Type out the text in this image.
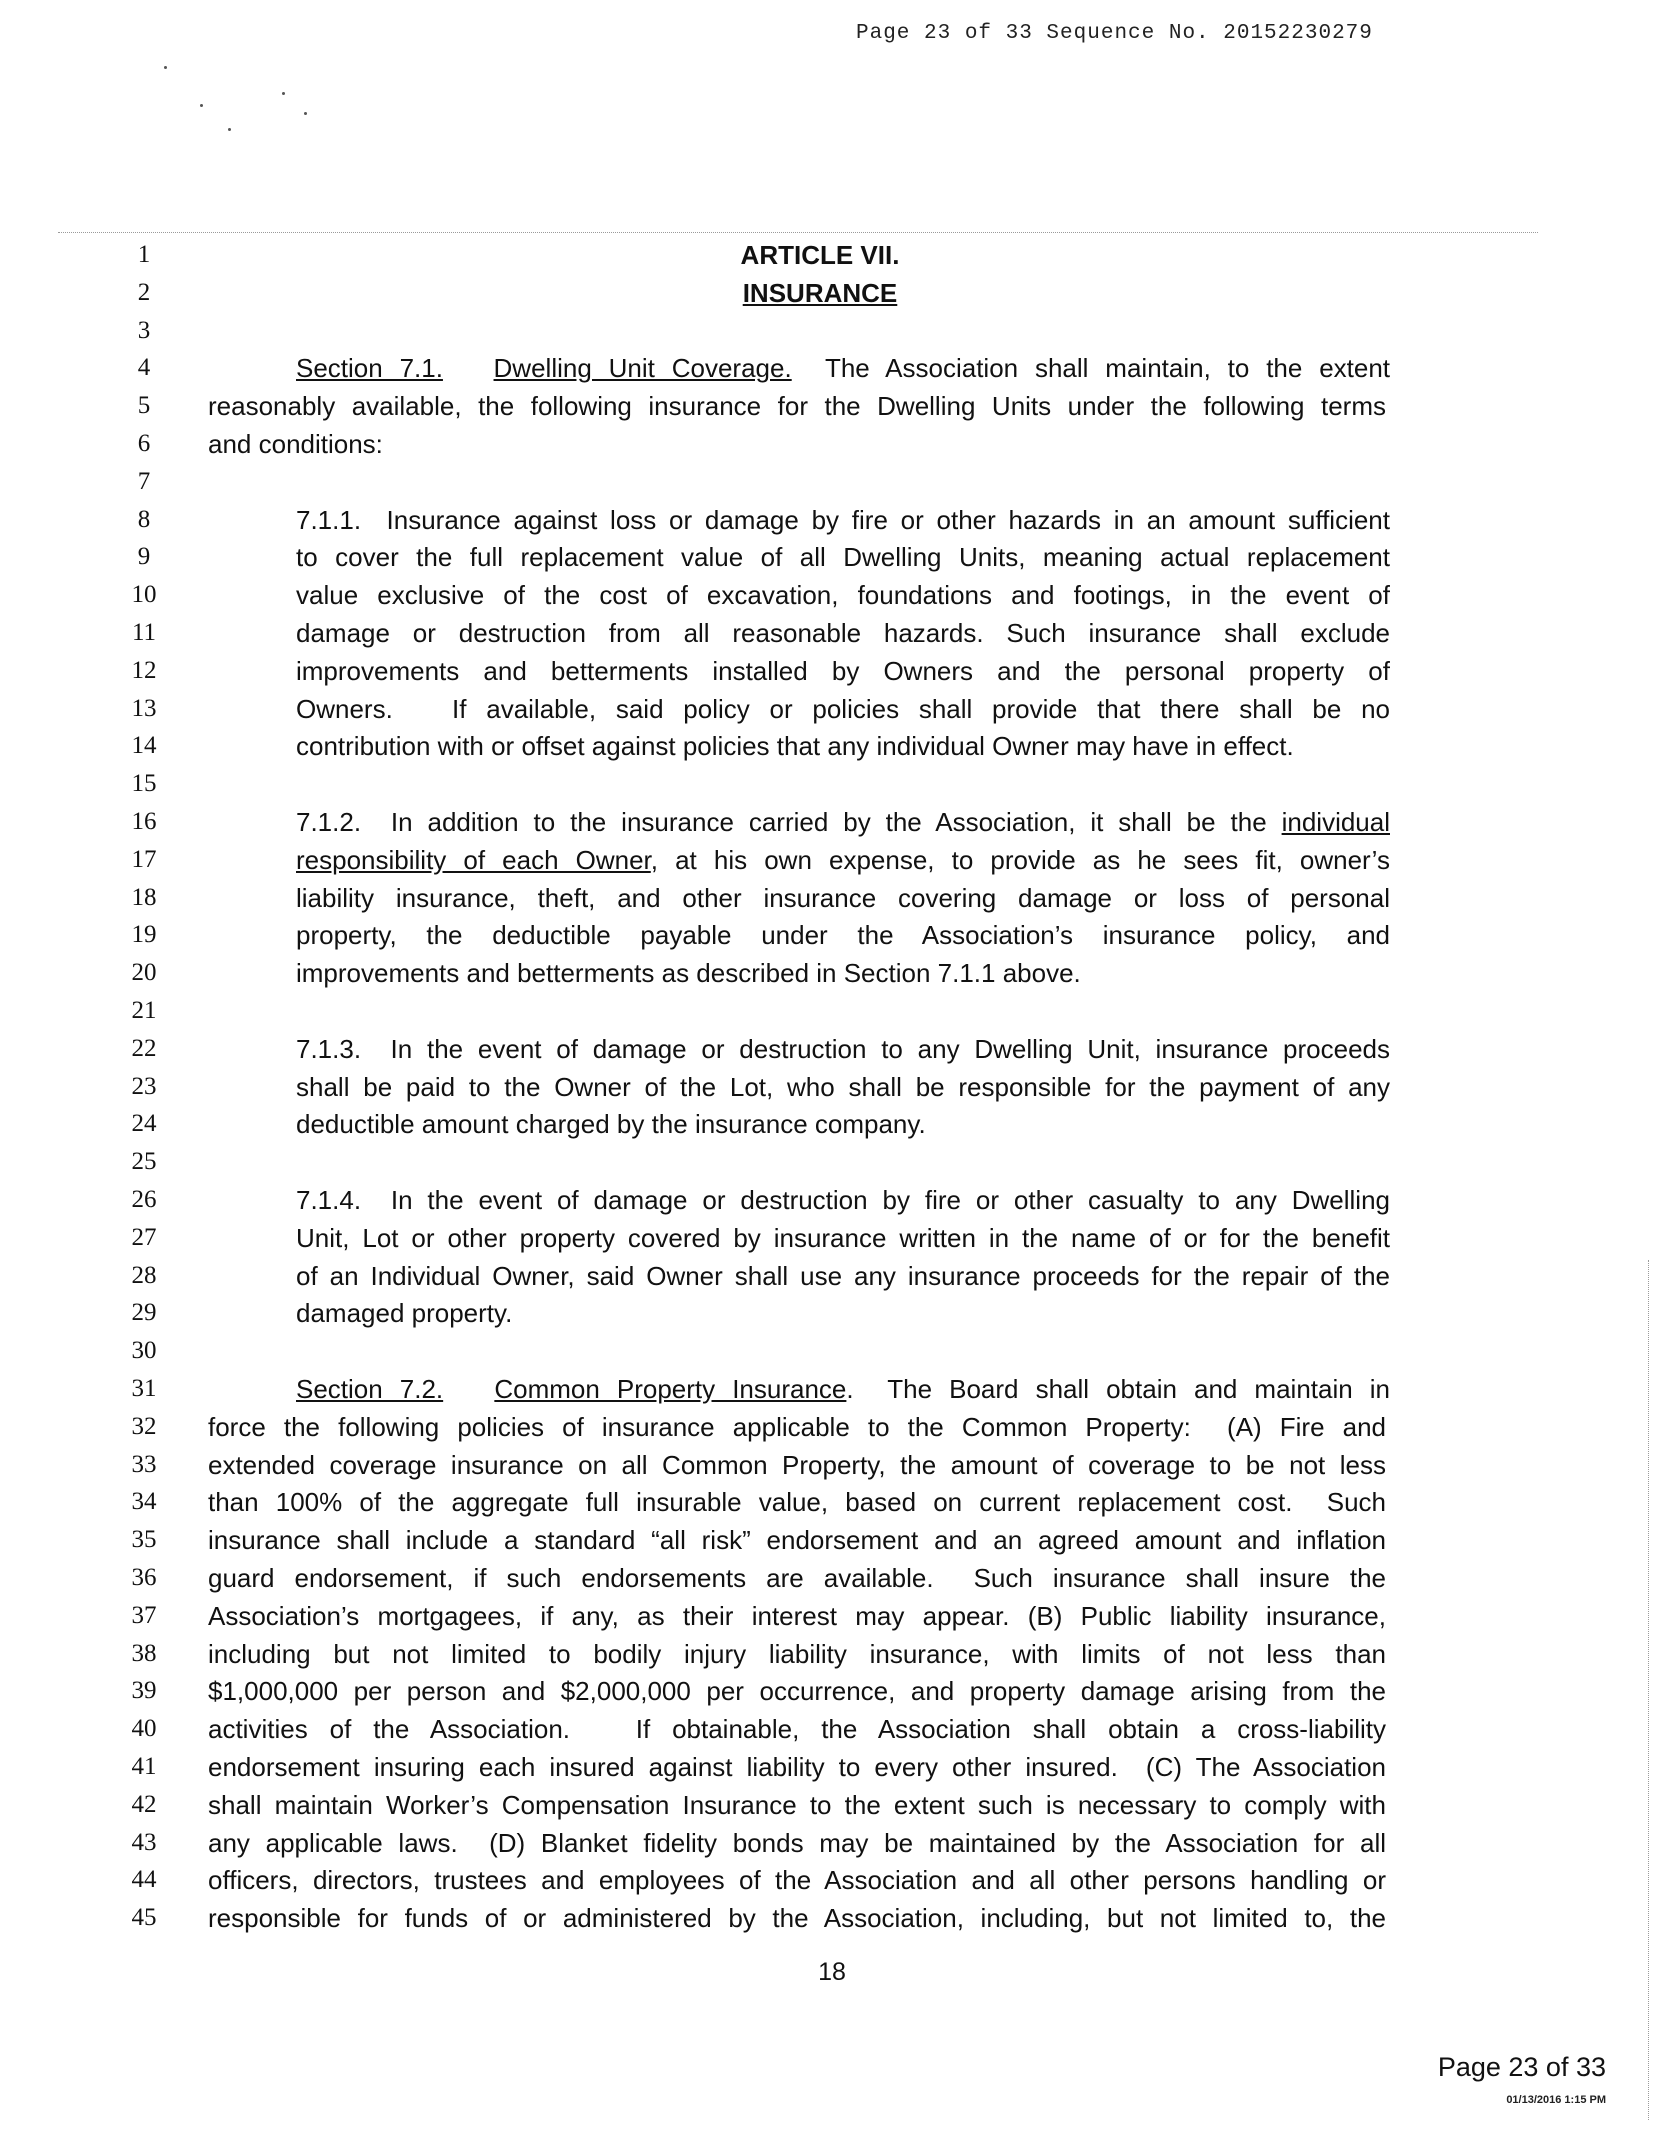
Page 23 of 33 Sequence No. 20152230279
1	ARTICLE VII.
2	INSURANCE
3
4	Section 7.1. Dwelling Unit Coverage.  The Association shall maintain, to the extent
5	reasonably available, the following insurance for the Dwelling Units under the following terms
6	and conditions:
7
8	7.1.1.  Insurance against loss or damage by fire or other hazards in an amount sufficient
9	to cover the full replacement value of all Dwelling Units, meaning actual replacement
10	value exclusive of the cost of excavation, foundations and footings, in the event of
11	damage or destruction from all reasonable hazards. Such insurance shall exclude
12	improvements and betterments installed by Owners and the personal property of
13	Owners.   If available, said policy or policies shall provide that there shall be no
14	contribution with or offset against policies that any individual Owner may have in effect.
15
16	7.1.2.  In addition to the insurance carried by the Association, it shall be the individual
17	responsibility of each Owner, at his own expense, to provide as he sees fit, owner’s
18	liability insurance, theft, and other insurance covering damage or loss of personal
19	property, the deductible payable under the Association’s insurance policy, and
20	improvements and betterments as described in Section 7.1.1 above.
21
22	7.1.3.  In the event of damage or destruction to any Dwelling Unit, insurance proceeds
23	shall be paid to the Owner of the Lot, who shall be responsible for the payment of any
24	deductible amount charged by the insurance company.
25
26	7.1.4.  In the event of damage or destruction by fire or other casualty to any Dwelling
27	Unit, Lot or other property covered by insurance written in the name of or for the benefit
28	of an Individual Owner, said Owner shall use any insurance proceeds for the repair of the
29	damaged property.
30
31	Section 7.2. Common Property Insurance.  The Board shall obtain and maintain in
32	force the following policies of insurance applicable to the Common Property:  (A) Fire and
33	extended coverage insurance on all Common Property, the amount of coverage to be not less
34	than 100% of the aggregate full insurable value, based on current replacement cost.  Such
35	insurance shall include a standard “all risk” endorsement and an agreed amount and inflation
36	guard endorsement, if such endorsements are available.  Such insurance shall insure the
37	Association’s mortgagees, if any, as their interest may appear. (B) Public liability insurance,
38	including but not limited to bodily injury liability insurance, with limits of not less than
39	$1,000,000 per person and $2,000,000 per occurrence, and property damage arising from the
40	activities of the Association.   If obtainable, the Association shall obtain a cross-liability
41	endorsement insuring each insured against liability to every other insured.  (C) The Association
42	shall maintain Worker’s Compensation Insurance to the extent such is necessary to comply with
43	any applicable laws.  (D) Blanket fidelity bonds may be maintained by the Association for all
44	officers, directors, trustees and employees of the Association and all other persons handling or
45	responsible for funds of or administered by the Association, including, but not limited to, the
18
Page 23 of 33
01/13/2016 1:15 PM
